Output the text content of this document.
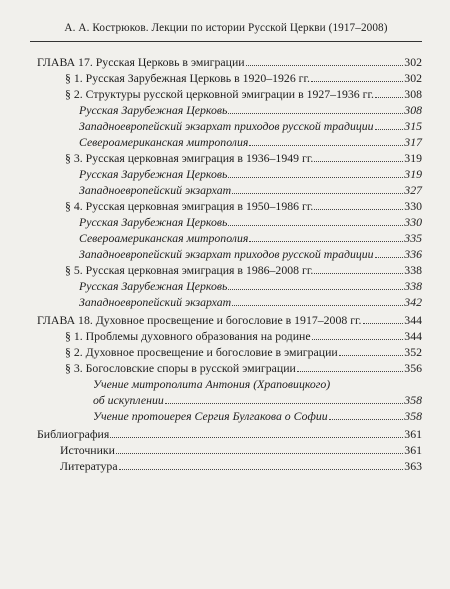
А. А. Кострюков. Лекции по истории Русской Церкви (1917–2008)
ГЛАВА 17. Русская Церковь в эмиграции	302
§ 1. Русская Зарубежная Церковь в 1920–1926 гг.	302
§ 2. Структуры русской церковной эмиграции в 1927–1936 гг.	308
Русская Зарубежная Церковь	308
Западноевропейский экзархат приходов русской традиции	315
Североамериканская митрополия	317
§ 3. Русская церковная эмиграция в 1936–1949 гг.	319
Русская Зарубежная Церковь	319
Западноевропейский экзархат	327
§ 4. Русская церковная эмиграция в 1950–1986 гг.	330
Русская Зарубежная Церковь	330
Североамериканская митрополия	335
Западноевропейский экзархат приходов русской традиции	336
§ 5. Русская церковная эмиграция в 1986–2008 гг.	338
Русская Зарубежная Церковь	338
Западноевропейский экзархат	342
ГЛАВА 18. Духовное просвещение и богословие в 1917–2008 гг.	344
§ 1. Проблемы духовного образования на родине	344
§ 2. Духовное просвещение и богословие в эмиграции	352
§ 3. Богословские споры в русской эмиграции	356
Учение митрополита Антония (Храповицкого)
об искуплении	358
Учение протоиерея Сергия Булгакова о Софии	358
Библиография	361
Источники	361
Литература	363
